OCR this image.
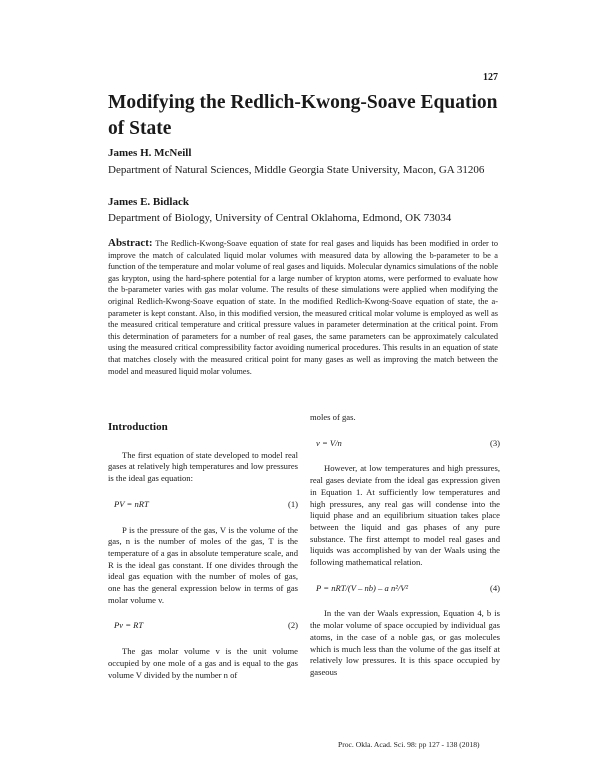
127
Modifying the Redlich-Kwong-Soave Equation of State
James H. McNeill
Department of Natural Sciences, Middle Georgia State University, Macon, GA 31206
James E. Bidlack
Department of Biology, University of Central Oklahoma, Edmond, OK 73034
Abstract: The Redlich-Kwong-Soave equation of state for real gases and liquids has been modified in order to improve the match of calculated liquid molar volumes with measured data by allowing the b-parameter to be a function of the temperature and molar volume of real gases and liquids. Molecular dynamics simulations of the noble gas krypton, using the hard-sphere potential for a large number of krypton atoms, were performed to evaluate how the b-parameter varies with gas molar volume. The results of these simulations were applied when modifying the original Redlich-Kwong-Soave equation of state. In the modified Redlich-Kwong-Soave equation of state, the a-parameter is kept constant. Also, in this modified version, the measured critical molar volume is employed as well as the measured critical temperature and critical pressure values in parameter determination at the critical point. From this determination of parameters for a number of real gases, the same parameters can be approximately calculated using the measured critical compressibility factor avoiding numerical procedures. This results in an equation of state that matches closely with the measured critical point for many gases as well as improving the match between the model and measured liquid molar volumes.
Introduction

The first equation of state developed to model real gases at relatively high temperatures and low pressures is the ideal gas equation:

PV = nRT	(1)

P is the pressure of the gas, V is the volume of the gas, n is the number of moles of the gas, T is the temperature of a gas in absolute temperature scale, and R is the ideal gas constant. If one divides through the ideal gas equation with the number of moles of gas, one has the general expression below in terms of gas molar volume v.

Pv = RT	(2)

The gas molar volume v is the unit volume occupied by one mole of a gas and is equal to the gas volume V divided by the number n of

moles of gas.

v = V/n	(3)

However, at low temperatures and high pressures, real gases deviate from the ideal gas expression given in Equation 1. At sufficiently low temperatures and high pressures, any real gas will condense into the liquid phase and an equilibrium situation takes place between the liquid and gas phases of any pure substance. The first attempt to model real gases and liquids was accomplished by van der Waals using the following mathematical relation.

P = nRT/(V – nb) – a n²/V²	(4)

In the van der Waals expression, Equation 4, b is the molar volume of space occupied by individual gas atoms, in the case of a noble gas, or gas molecules which is much less than the volume of the gas itself at relatively low pressures. It is this space occupied by gaseous

Proc. Okla. Acad. Sci. 98: pp 127 - 138 (2018)
